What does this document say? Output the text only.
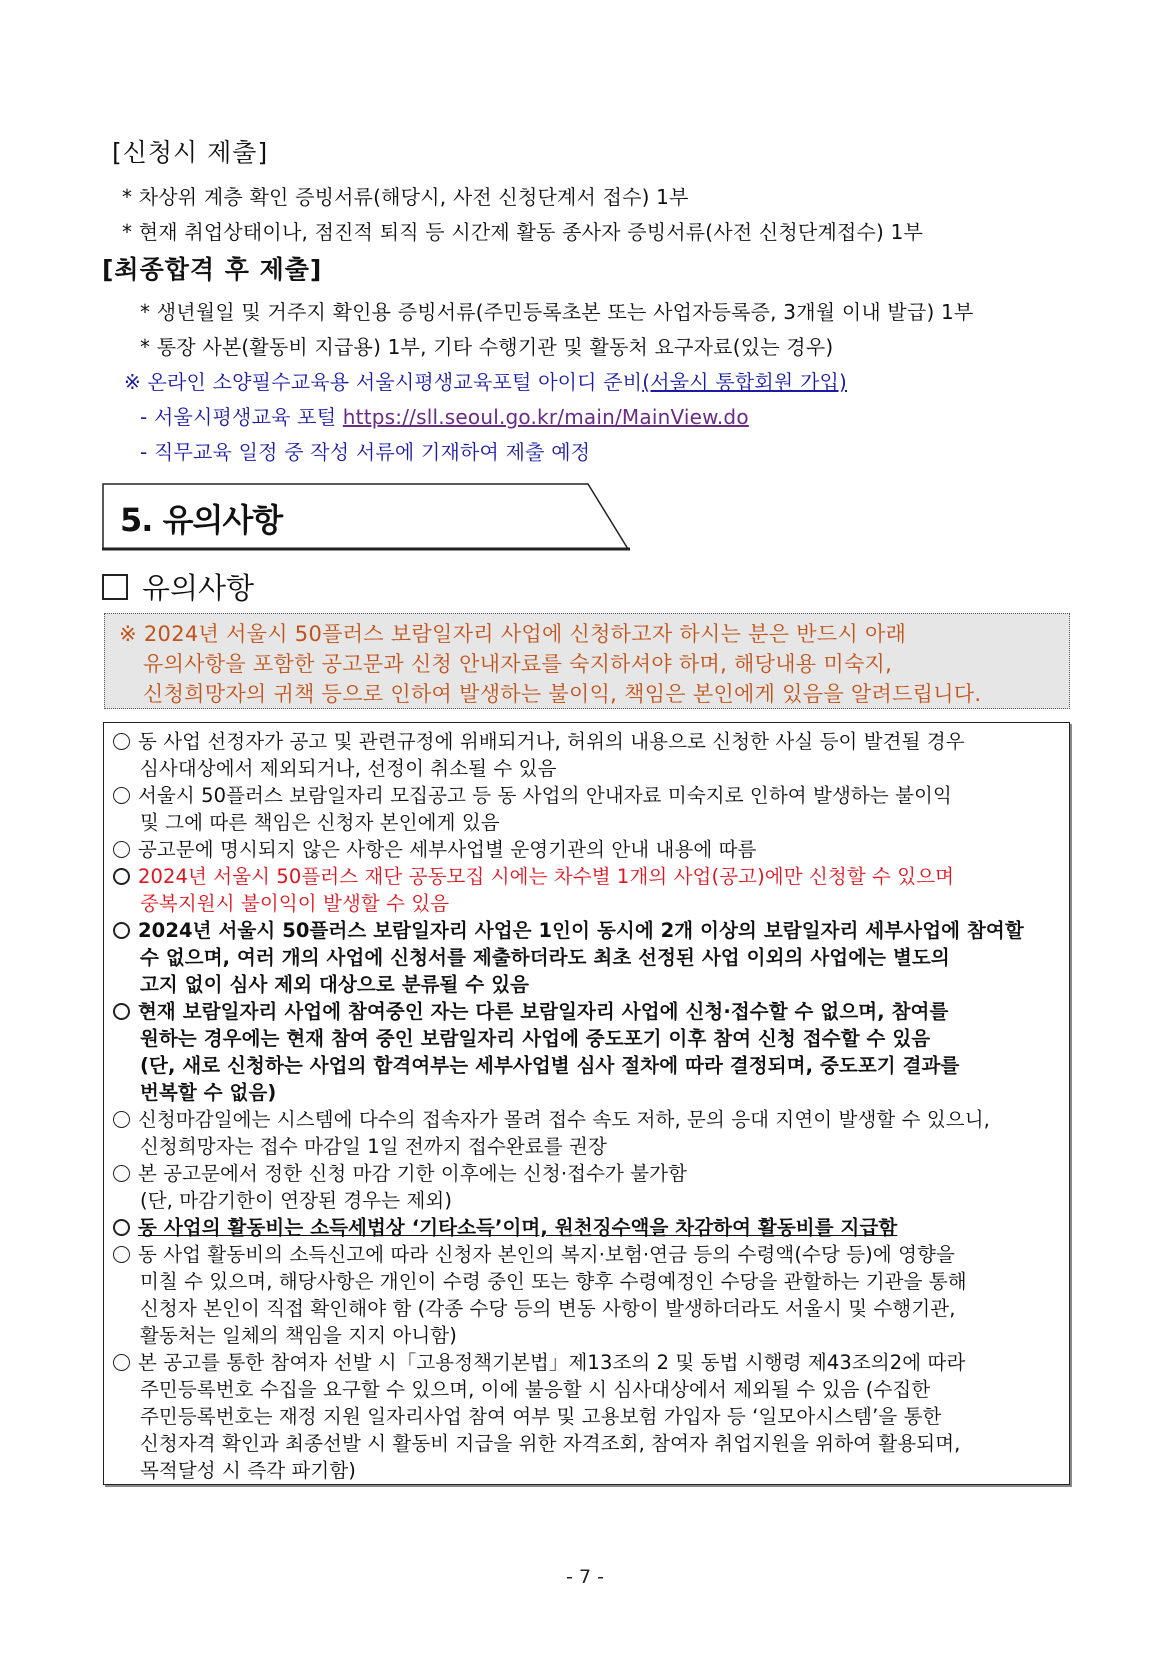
[신청시 제출]
* 차상위 계층 확인 증빙서류(해당시, 사전 신청단계서 접수) 1부
* 현재 취업상태이나, 점진적 퇴직 등 시간제 활동 종사자 증빙서류(사전 신청단계접수) 1부
[최종합격 후 제출]
* 생년월일 및 거주지 확인용 증빙서류(주민등록초본 또는 사업자등록증, 3개월 이내 발급) 1부
* 통장 사본(활동비 지급용) 1부, 기타 수행기관 및 활동처 요구자료(있는 경우)
※ 온라인 소양필수교육용 서울시평생교육포털 아이디 준비(서울시 통합회원 가입)
- 서울시평생교육 포털 https://sll.seoul.go.kr/main/MainView.do
- 직무교육 일정 중 작성 서류에 기재하여 제출 예정
5. 유의사항
유의사항

※ 2024년 서울시 50플러스 보람일자리 사업에 신청하고자 하시는 분은 반드시 아래

유의사항을 포함한 공고문과 신청 안내자료를 숙지하셔야 하며, 해당내용 미숙지,

신청희망자의 귀책 등으로 인하여 발생하는 불이익, 책임은 본인에게 있음을 알려드립니다.

동 사업 선정자가 공고 및 관련규정에 위배되거나, 허위의 내용으로 신청한 사실 등이 발견될 경우
심사대상에서 제외되거나, 선정이 취소될 수 있음
서울시 50플러스 보람일자리 모집공고 등 동 사업의 안내자료 미숙지로 인하여 발생하는 불이익
및 그에 따른 책임은 신청자 본인에게 있음
공고문에 명시되지 않은 사항은 세부사업별 운영기관의 안내 내용에 따름
2024년 서울시 50플러스 재단 공동모집 시에는 차수별 1개의 사업(공고)에만 신청할 수 있으며
중복지원시 불이익이 발생할 수 있음
2024년 서울시 50플러스 보람일자리 사업은 1인이 동시에 2개 이상의 보람일자리 세부사업에 참여할
수 없으며, 여러 개의 사업에 신청서를 제출하더라도 최초 선정된 사업 이외의 사업에는 별도의
고지 없이 심사 제외 대상으로 분류될 수 있음
현재 보람일자리 사업에 참여중인 자는 다른 보람일자리 사업에 신청·접수할 수 없으며, 참여를
원하는 경우에는 현재 참여 중인 보람일자리 사업에 중도포기 이후 참여 신청 접수할 수 있음
(단, 새로 신청하는 사업의 합격여부는 세부사업별 심사 절차에 따라 결정되며, 중도포기 결과를
번복할 수 없음)
신청마감일에는 시스템에 다수의 접속자가 몰려 접수 속도 저하, 문의 응대 지연이 발생할 수 있으니,
신청희망자는 접수 마감일 1일 전까지 접수완료를 권장
본 공고문에서 정한 신청 마감 기한 이후에는 신청·접수가 불가함
(단, 마감기한이 연장된 경우는 제외)
동 사업의 활동비는 소득세법상 ‘기타소득’이며, 원천징수액을 차감하여 활동비를 지급함
동 사업 활동비의 소득신고에 따라 신청자 본인의 복지·보험·연금 등의 수령액(수당 등)에 영향을
미칠 수 있으며, 해당사항은 개인이 수령 중인 또는 향후 수령예정인 수당을 관할하는 기관을 통해
신청자 본인이 직접 확인해야 함 (각종 수당 등의 변동 사항이 발생하더라도 서울시 및 수행기관,
활동처는 일체의 책임을 지지 아니함)
본 공고를 통한 참여자 선발 시「고용정책기본법」제13조의 2 및 동법 시행령 제43조의2에 따라
주민등록번호 수집을 요구할 수 있으며, 이에 불응할 시 심사대상에서 제외될 수 있음 (수집한
주민등록번호는 재정 지원 일자리사업 참여 여부 및 고용보험 가입자 등 ‘일모아시스템’을 통한
신청자격 확인과 최종선발 시 활동비 지급을 위한 자격조회, 참여자 취업지원을 위하여 활용되며,
목적달성 시 즉각 파기함)
- 7 -
